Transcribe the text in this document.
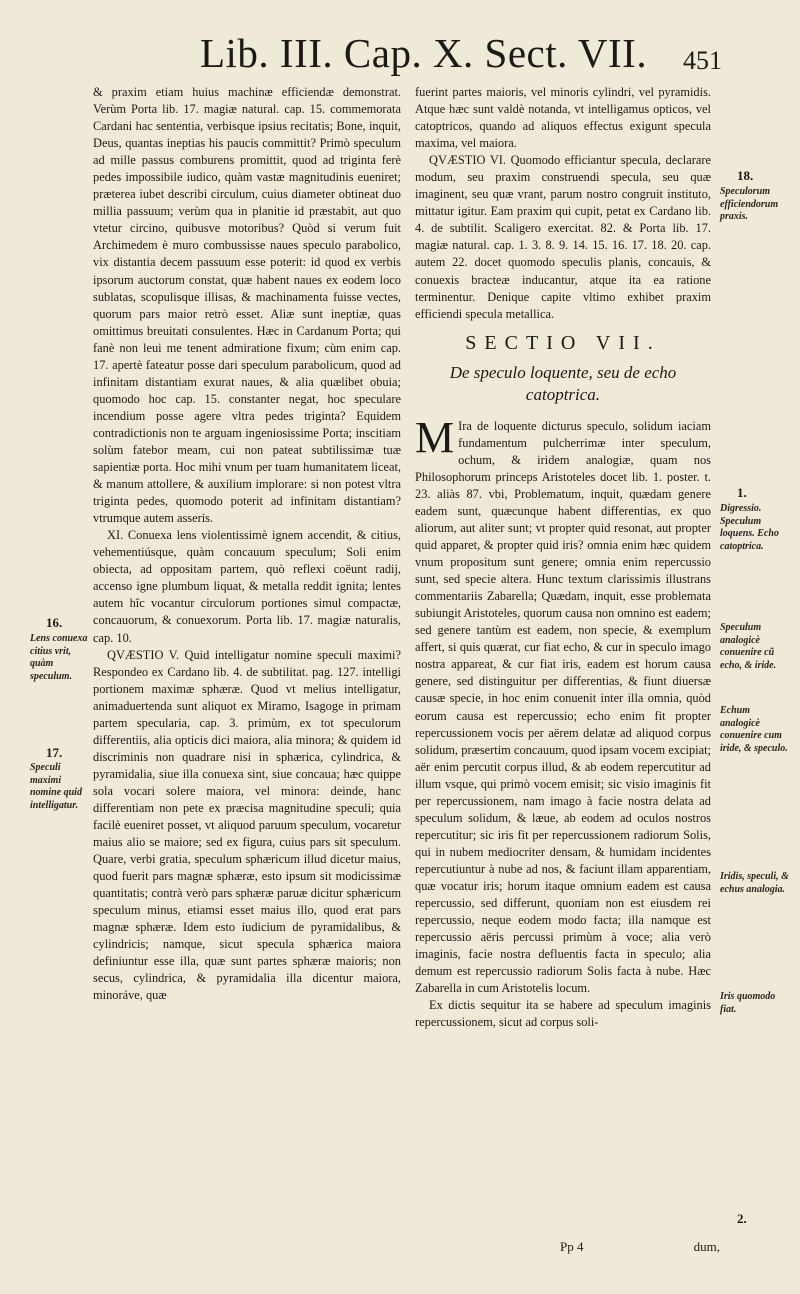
Lib. III. Cap. X. Sect. VII.	451

& praxim etiam huius machinæ efficiendæ demonstrat. Verùm Porta lib. 17. magiæ natural. cap. 15. commemorata Cardani hac sententia, verbisque ipsius recitatis; Bone, inquit, Deus, quantas ineptias his paucis committit? Primò speculum ad mille passus comburens promittit, quod ad triginta ferè pedes impossibile iudico, quàm vastæ magnitudinis eueniret; præterea iubet describi circulum, cuius diameter obtineat duo millia passuum; verùm qua in planitie id præstabit, aut quo vtetur circino, quibusve motoribus? Quòd si verum fuit Archimedem è muro combussisse naues speculo parabolico, vix distantia decem passuum esse poterit: id quod ex verbis ipsorum auctorum constat, quæ habent naues ex eodem loco sublatas, scopulisque illisas, & machinamenta fuisse vectes, quorum pars maior retrò esset. Aliæ sunt ineptiæ, quas omittimus breuitati consulentes. Hæc in Cardanum Porta; qui fanè non leui me tenent admiratione fixum; cùm enim cap. 17. apertè fateatur posse dari speculum parabolicum, quod ad infinitam distantiam exurat naues, & alia quælibet obuia; quomodo hoc cap. 15. constanter negat, hoc speculare incendium posse agere vltra pedes triginta? Equidem contradictionis non te arguam ingeniosissime Porta; inscitiam solùm fatebor meam, cui non pateat subtilissimæ tuæ sapientiæ porta. Hoc mihi vnum per tuam humanitatem liceat, & manum attollere, & auxilium implorare: si non potest vltra triginta pedes, quomodo poterit ad infinitam distantiam? vtrumque autem asseris.

XI. Conuexa lens violentissimè ignem accendit, & citius, vehementiúsque, quàm concauum speculum; Soli enim obiecta, ad oppositam partem, quò reflexi coëunt radij, accenso igne plumbum liquat, & metalla reddit ignita; lentes autem hîc vocantur circulorum portiones simul compactæ, concauorum, & conuexorum. Porta lib. 17. magiæ naturalis, cap. 10.

QVÆSTIO V. Quid intelligatur nomine speculi maximi? Respondeo ex Cardano lib. 4. de subtilitat. pag. 127. intelligi portionem maximæ sphæræ. Quod vt melius intelligatur, animaduertenda sunt aliquot ex Miramo, Isagoge in primam partem specularia, cap. 3. primùm, ex tot speculorum differentiis, alia opticis dici maiora, alia minora; & quidem id discriminis non quadrare nisi in sphærica, cylindrica, & pyramidalia, siue illa conuexa sint, siue concaua; hæc quippe sola vocari solere maiora, vel minora: deinde, hanc differentiam non pete ex præcisa magnitudine speculi; quia facilè eueniret posset, vt aliquod paruum speculum, vocaretur maius alio se maiore; sed ex figura, cuius pars sit speculum. Quare, verbi gratia, speculum sphæricum illud dicetur maius, quod fuerit pars magnæ sphæræ, esto ipsum sit modicissimæ quantitatis; contrà verò pars sphæræ paruæ dicitur sphæricum speculum minus, etiamsi esset maius illo, quod erat pars magnæ sphæræ. Idem esto iudicium de pyramidalibus, & cylindricis; namque, sicut specula sphærica maiora definiuntur esse illa, quæ sunt partes sphæræ maioris; non secus, cylindrica, & pyramidalia illa dicentur maiora, minoráve, quæ

fuerint partes maioris, vel minoris cylindri, vel pyramidis. Atque hæc sunt valdè notanda, vt intelligamus opticos, vel catoptricos, quando ad aliquos effectus exigunt specula maxima, vel maiora.

QVÆSTIO VI. Quomodo efficiantur specula, declarare modum, seu praxim construendi specula, seu quæ imaginent, seu quæ vrant, parum nostro congruit instituto, mittatur igitur. Eam praxim qui cupit, petat ex Cardano lib. 4. de subtilit. Scaligero exercitat. 82. & Porta lib. 17. magiæ natural. cap. 1. 3. 8. 9. 14. 15. 16. 17. 18. 20. cap. autem 22. docet quomodo speculis planis, concauis, & conuexis bracteæ inducantur, atque ita ea ratione terminentur. Denique capite vltimo exhibet praxim efficiendi specula metallica.

SECTIO VII.
De speculo loquente, seu de echo catoptrica.

M Ira de loquente dicturus speculo, solidum iaciam fundamentum pulcherrimæ inter speculum, ochum, & iridem analogiæ, quam nos Philosophorum princeps Aristoteles docet lib. 1. poster. t. 23. aliàs 87. vbi, Problematum, inquit, quædam genere eadem sunt, quæcunque habent differentias, ex quo aliorum, aut aliter sunt; vt propter quid resonat, aut propter quid apparet, & propter quid iris? omnia enim hæc quidem vnum propositum sunt genere; omnia enim repercussio sunt, sed specie altera. Hunc textum clarissimis illustrans commentariis Zabarella; Quædam, inquit, esse problemata subiungit Aristoteles, quorum causa non omnino est eadem; sed genere tantùm est eadem, non specie, & exemplum affert, si quis quærat, cur fiat echo, & cur in speculo imago nostra appareat, & cur fiat iris, eadem est horum causa genere, sed distinguitur per differentias, & fiunt diuersæ causæ specie, in hoc enim conuenit inter illa omnia, quòd eorum causa est repercussio; echo enim fit propter repercussionem vocis per aërem delatæ ad aliquod corpus solidum, præsertim concauum, quod ipsam vocem excipiat; aër enim percutit corpus illud, & ab eodem repercutitur ad illum vsque, qui primò vocem emisit; sic visio imaginis fit per repercussionem, nam imago à facie nostra delata ad speculum solidum, & læue, ab eodem ad oculos nostros repercutitur; sic iris fit per repercussionem radiorum Solis, qui in nubem mediocriter densam, & humidam incidentes repercutiuntur à nube ad nos, & faciunt illam apparentiam, quæ vocatur iris; horum itaque omnium eadem est causa repercussio, sed differunt, quoniam non est eiusdem rei repercussio, neque eodem modo facta; illa namque est repercussio aëris percussi primùm à voce; alia verò imaginis, facie nostra defluentis facta in speculo; alia demum est repercussio radiorum Solis facta à nube. Hæc Zabarella in cum Aristotelis locum.

Ex dictis sequitur ita se habere ad speculum imaginis repercussionem, sicut ad corpus soli-

16.
Lens conuexa citius vrit, quàm speculum.
17.
Speculi maximi nomine quid intelligatur.
18.
Speculorum efficiendorum praxis.
1.
Digressio. Speculum loquens. Echo catoptrica.
Speculum analogicè conuenire cũ echo, & iride.
Echum analogicè conuenire cum iride, & speculo.
Iridis, speculi, & echus analogia.
Iris quomodo fiat.
2.
Pp 4	dum,
